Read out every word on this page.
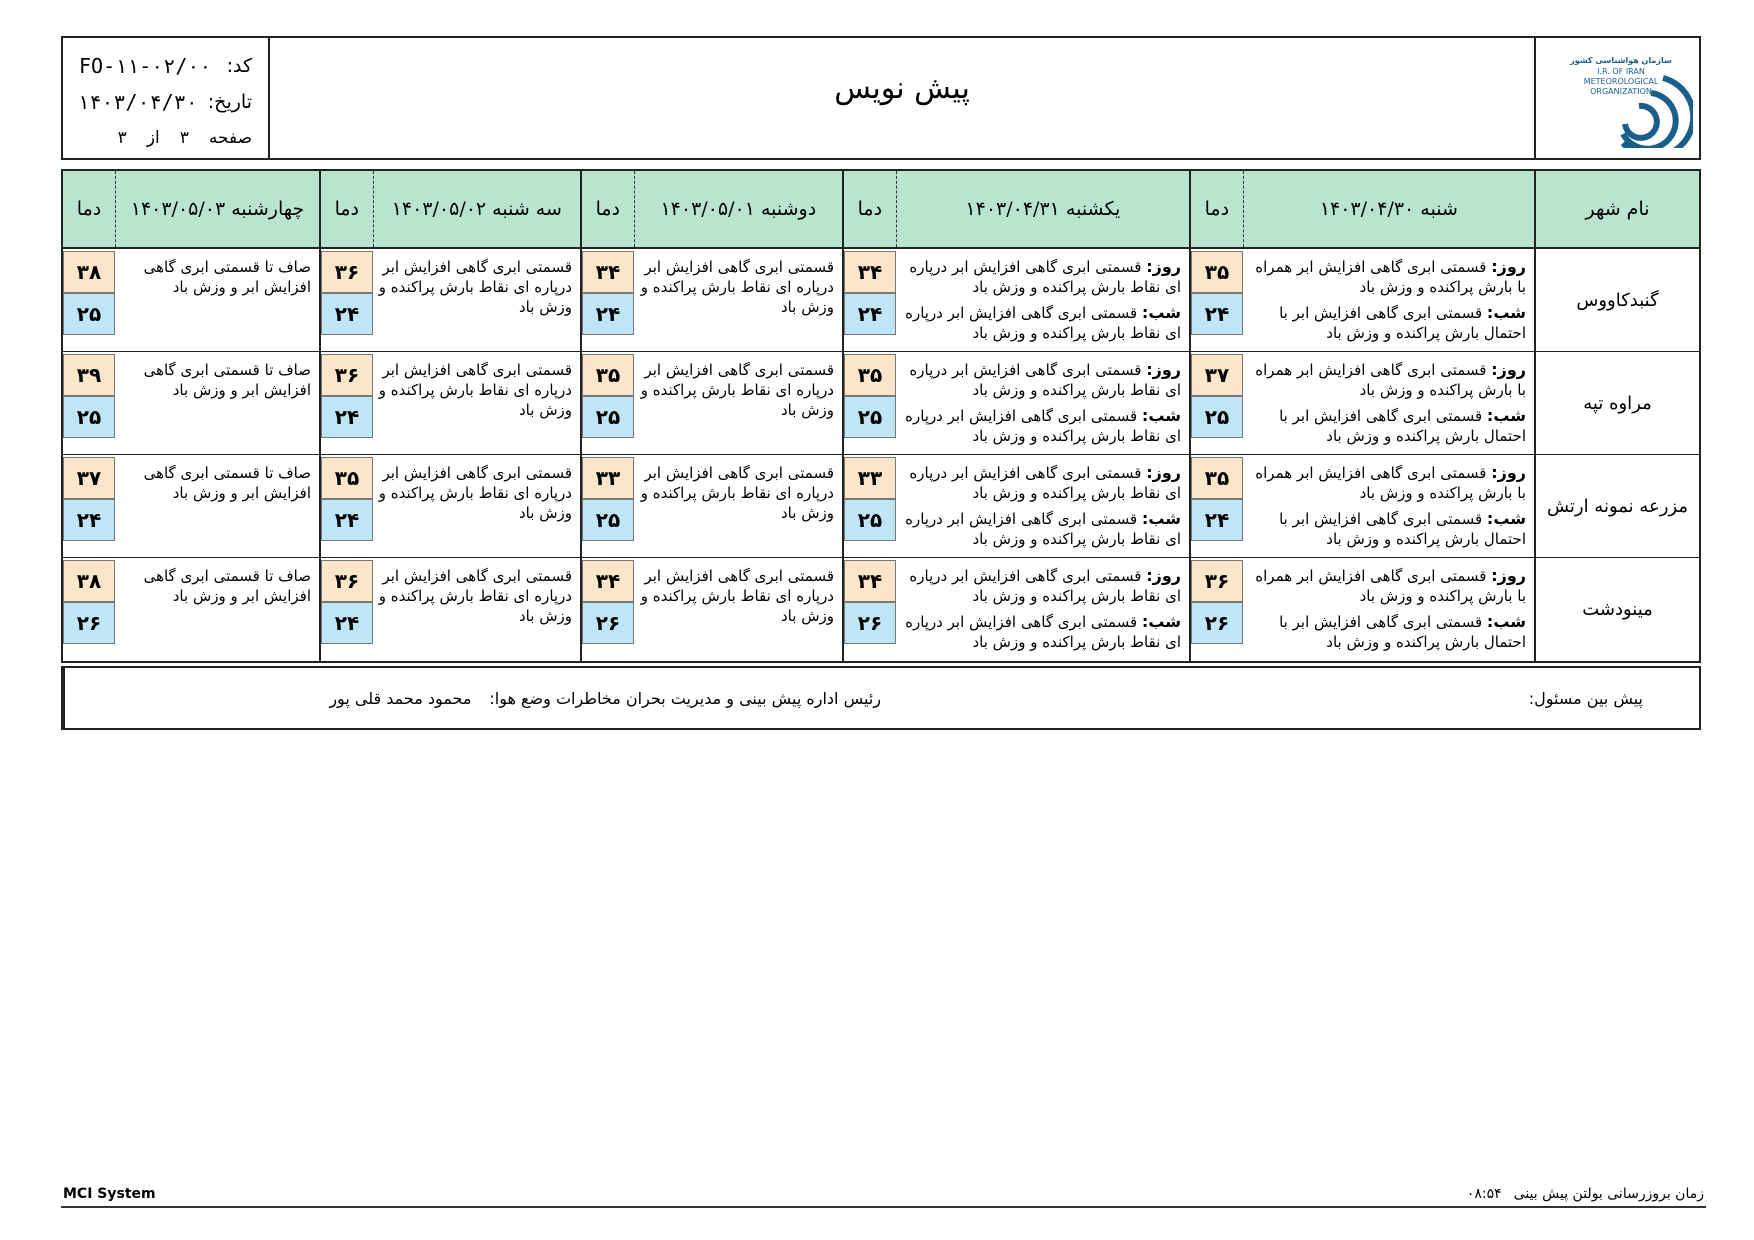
سازمان هواشناسی کشور
I.R. OF IRAN
METEOROLOGICAL
ORGANIZATION
پیش نویس
کد:
FO-۱۱-۰۲/۰۰
تاریخ:
۱۴۰۳/۰۴/۳۰
صفحه
۳
از
۳
نام شهر
شنبه ۱۴۰۳/۰۴/۳۰
دما
یکشنبه ۱۴۰۳/۰۴/۳۱
دما
دوشنبه ۱۴۰۳/۰۵/۰۱
دما
سه شنبه ۱۴۰۳/۰۵/۰۲
دما
چهارشنبه ۱۴۰۳/۰۵/۰۳
دما
گنبدکاووس
روز: قسمتی ابری گاهی افزایش ابر همراه با بارش پراکنده و وزش باد
شب: قسمتی ابری گاهی افزایش ابر با احتمال بارش پراکنده و وزش باد
۳۵
۲۴
روز: قسمتی ابری گاهی افزایش ابر درپاره ای نقاط بارش پراکنده و وزش باد
شب: قسمتی ابری گاهی افزایش ابر درپاره ای نقاط بارش پراکنده و وزش باد
۳۴
۲۴
قسمتی ابری گاهی افزایش ابر درپاره ای نقاط بارش پراکنده و وزش باد
۳۴
۲۴
قسمتی ابری گاهی افزایش ابر درپاره ای نقاط بارش پراکنده و وزش باد
۳۶
۲۴
صاف تا قسمتی ابری گاهی افزایش ابر و وزش باد
۳۸
۲۵
مراوه تپه
روز: قسمتی ابری گاهی افزایش ابر همراه با بارش پراکنده و وزش باد
شب: قسمتی ابری گاهی افزایش ابر با احتمال بارش پراکنده و وزش باد
۳۷
۲۵
روز: قسمتی ابری گاهی افزایش ابر درپاره ای نقاط بارش پراکنده و وزش باد
شب: قسمتی ابری گاهی افزایش ابر درپاره ای نقاط بارش پراکنده و وزش باد
۳۵
۲۵
قسمتی ابری گاهی افزایش ابر درپاره ای نقاط بارش پراکنده و وزش باد
۳۵
۲۵
قسمتی ابری گاهی افزایش ابر درپاره ای نقاط بارش پراکنده و وزش باد
۳۶
۲۴
صاف تا قسمتی ابری گاهی افزایش ابر و وزش باد
۳۹
۲۵
مزرعه نمونه ارتش
روز: قسمتی ابری گاهی افزایش ابر همراه با بارش پراکنده و وزش باد
شب: قسمتی ابری گاهی افزایش ابر با احتمال بارش پراکنده و وزش باد
۳۵
۲۴
روز: قسمتی ابری گاهی افزایش ابر درپاره ای نقاط بارش پراکنده و وزش باد
شب: قسمتی ابری گاهی افزایش ابر درپاره ای نقاط بارش پراکنده و وزش باد
۳۳
۲۵
قسمتی ابری گاهی افزایش ابر درپاره ای نقاط بارش پراکنده و وزش باد
۳۳
۲۵
قسمتی ابری گاهی افزایش ابر درپاره ای نقاط بارش پراکنده و وزش باد
۳۵
۲۴
صاف تا قسمتی ابری گاهی افزایش ابر و وزش باد
۳۷
۲۴
مینودشت
روز: قسمتی ابری گاهی افزایش ابر همراه با بارش پراکنده و وزش باد
شب: قسمتی ابری گاهی افزایش ابر با احتمال بارش پراکنده و وزش باد
۳۶
۲۶
روز: قسمتی ابری گاهی افزایش ابر درپاره ای نقاط بارش پراکنده و وزش باد
شب: قسمتی ابری گاهی افزایش ابر درپاره ای نقاط بارش پراکنده و وزش باد
۳۴
۲۶
قسمتی ابری گاهی افزایش ابر درپاره ای نقاط بارش پراکنده و وزش باد
۳۴
۲۶
قسمتی ابری گاهی افزایش ابر درپاره ای نقاط بارش پراکنده و وزش باد
۳۶
۲۴
صاف تا قسمتی ابری گاهی افزایش ابر و وزش باد
۳۸
۲۶
پیش بین مسئول:
رئیس اداره پیش بینی و مدیریت بحران مخاطرات وضع هوا:
محمود محمد قلی پور
MCI System	زمان بروزرسانی بولتن پیش بینی
۰۸:۵۴
